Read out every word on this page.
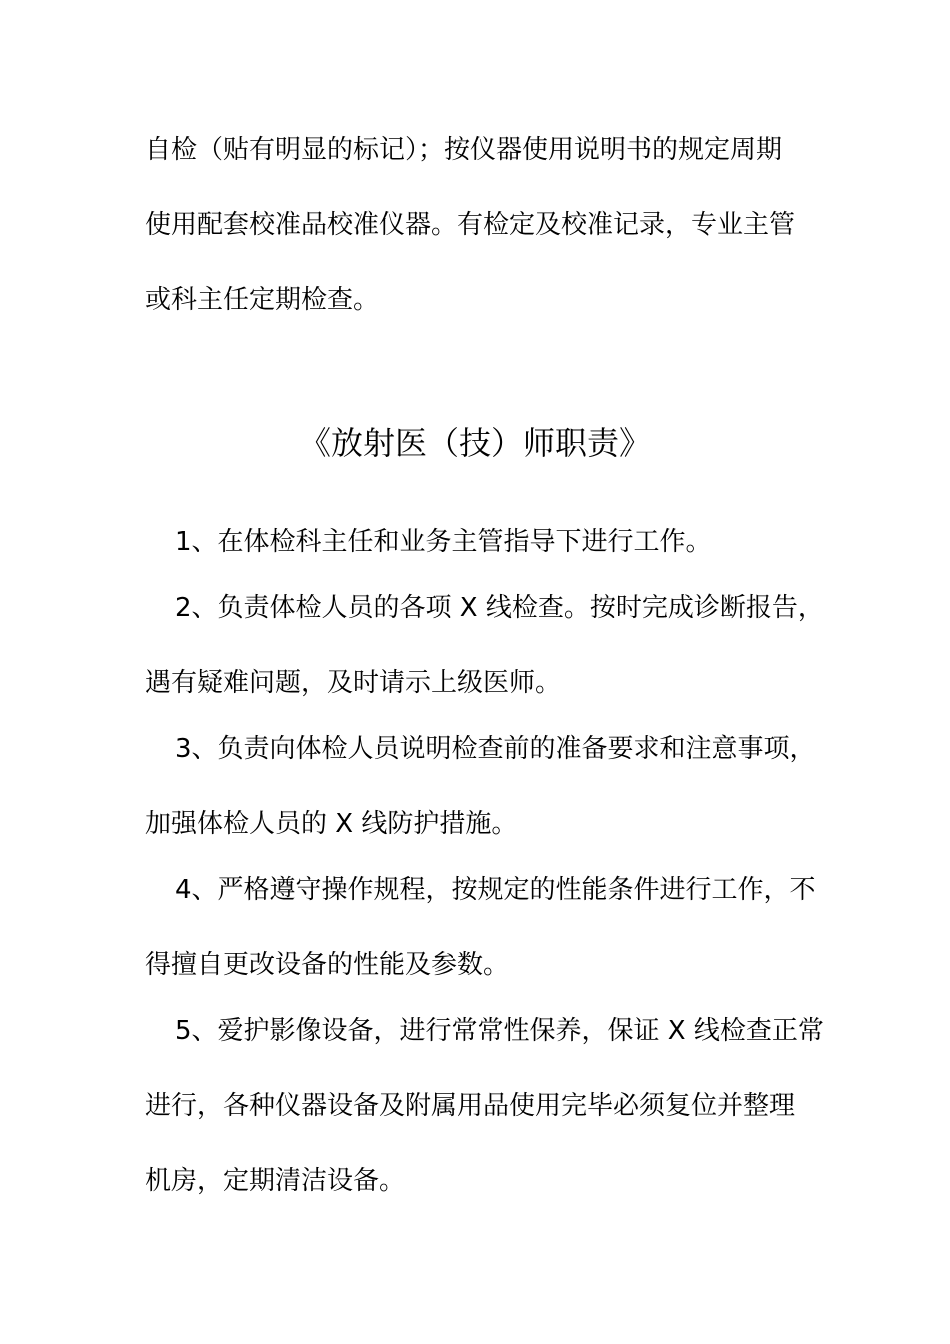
自检（贴有明显的标记）；按仪器使用说明书的规定周期
使用配套校准品校准仪器。有检定及校准记录，专业主管
或科主任定期检查。
《放射医（技）师职责》
1、在体检科主任和业务主管指导下进行工作。
2、负责体检人员的各项 X 线检查。按时完成诊断报告，
遇有疑难问题，及时请示上级医师。
3、负责向体检人员说明检查前的准备要求和注意事项，
加强体检人员的 X 线防护措施。
4、严格遵守操作规程，按规定的性能条件进行工作，不
得擅自更改设备的性能及参数。
5、爱护影像设备，进行常常性保养，保证 X 线检查正常
进行，各种仪器设备及附属用品使用完毕必须复位并整理
机房，定期清洁设备。
